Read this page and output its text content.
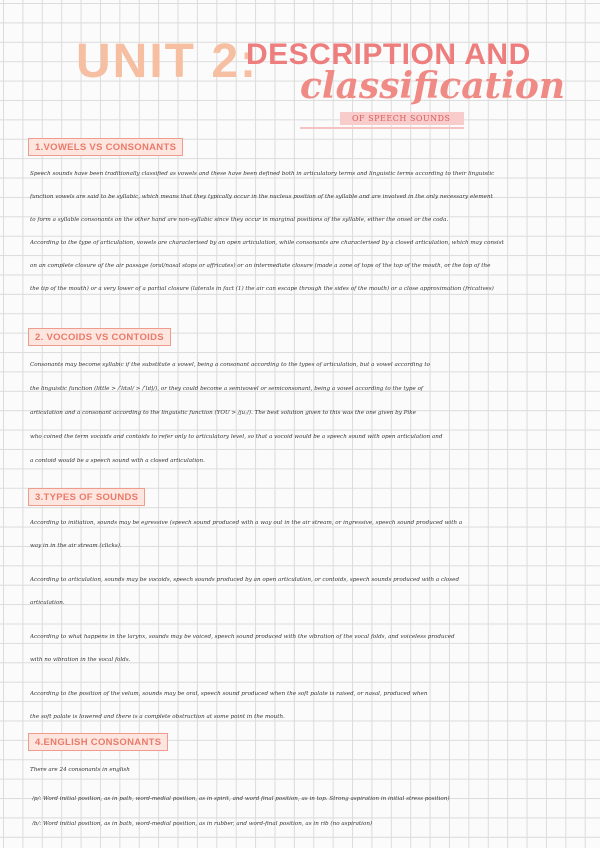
UNIT 2:
DESCRIPTION AND
classification
OF SPEECH SOUNDS
1.VOWELS VS CONSONANTS
Speech sounds have been traditionally classified as vowels and these have been defined both in articulatory terms and linguistic terms according to their linguistic
function vowels are said to be syllabic, which means that they typically occur in the nucleus position of the syllable and are involved in the only necessary element
to form a syllable consonants on the other hand are non-syllabic since they occur in marginal positions of the syllable, either the onset or the coda.
According to the type of articulation, vowels are characterised by an open articulation, while consonants are characterised by a closed articulation, which may consist
on an complete closure of the air passage (oral/nasal stops or affricates) or an intermediate closure (made a zone of tops of the top of the mouth, or the top of the
the tip of the mouth) or a very lower of a partial closure (laterals in fact (1) the air can escape through the sides of the mouth) or a close approximation (fricatives)
2. VOCOIDS VS CONTOIDS
Consonants may become syllabic if the substitute a vowel, being a consonant according to the types of articulation, but a vowel according to
the linguistic function (little > /ˈlɪtəl/ > /ˈlɪtl̩/), or they could become a semivowel or semiconsonant, being a vowel according to the type of
articulation and a consonant according to the linguistic function (YOU > /juː/). The best solution given to this was the one given by Pike
who coined the term vocoids and contoids to refer only to articulatory level, so that a vocoid would be a speech sound with open articulation and
a contoid would be a speech sound with a closed articulation.
3.TYPES OF SOUNDS
According to initiation, sounds may be egressive (speech sound produced with a way out in the air stream, or ingressive, speech sound produced with a
way in in the air stream (clicks).
According to articulation, sounds may be vocoids, speech sounds produced by an open articulation, or contoids, speech sounds produced with a closed
articulation.
According to what happens in the larynx, sounds may be voiced, speech sound produced with the vibration of the vocal folds, and voiceless produced
with no vibration in the vocal folds.
According to the position of the velum, sounds may be oral, speech sound produced when the soft palate is raised, or nasal, produced when
the soft palate is lowered and there is a complete obstruction at some point in the mouth.
4.ENGLISH CONSONANTS
There are 24 consonants in english
/p/: Word initial position, as in path, word-medial position, as in spirit, and word final position, as in top. Strong aspiration in initial stress position)
/b/: Word initial position, as in bath, word-medial position, as in rubber, and word-final position, as in rib (no aspiration)
